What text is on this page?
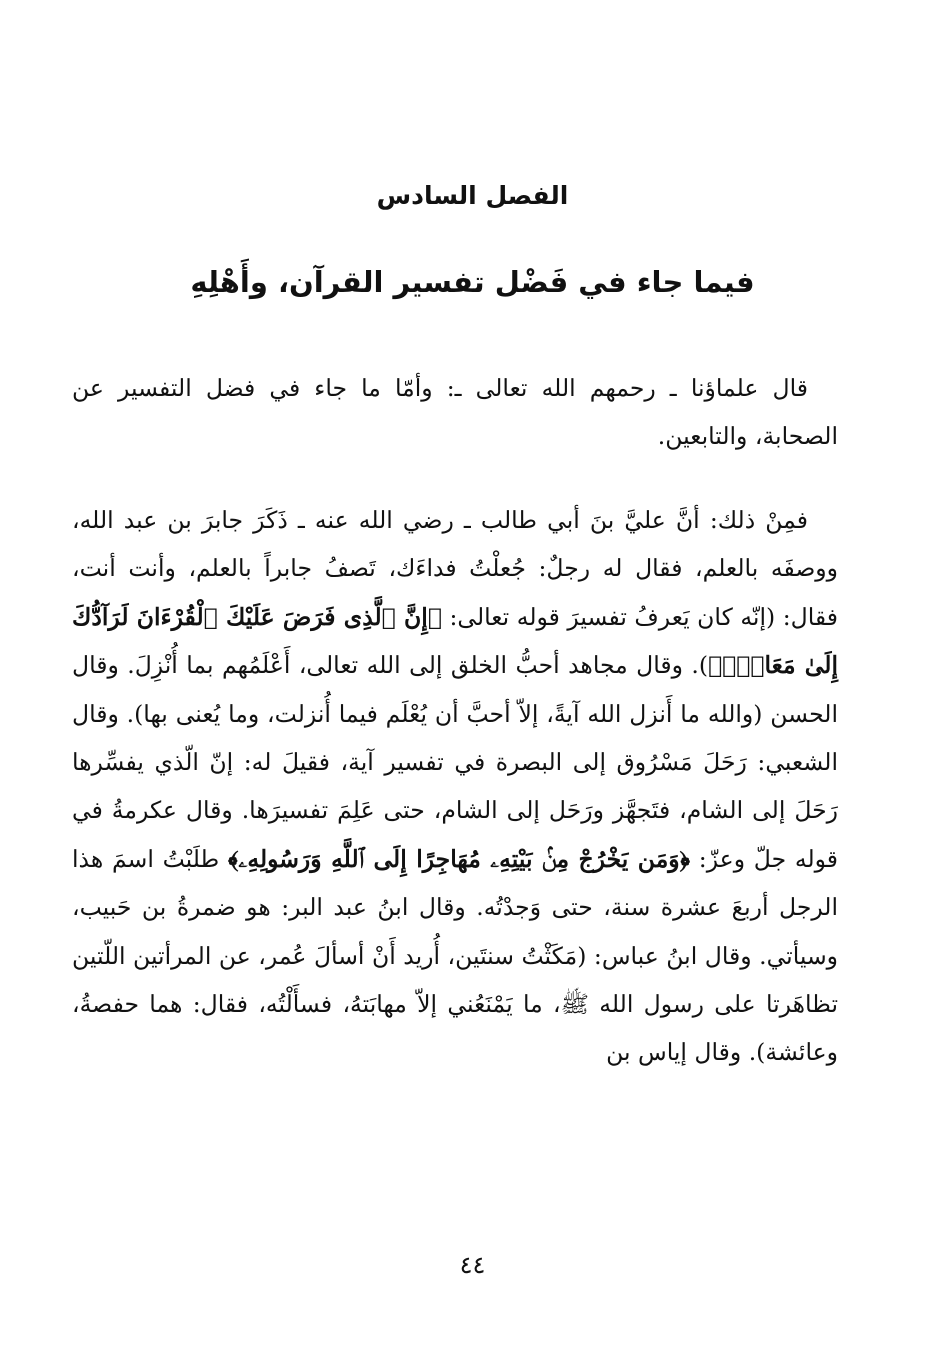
الفصل السادس
فيما جاء في فَضْل تفسير القرآن، وأَهْلِهِ
قال علماؤنا ـ رحمهم الله تعالى ـ: وأمّا ما جاء في فضل التفسير عن الصحابة، والتابعين.
فمِنْ ذلك: أنَّ عليَّ بنَ أبي طالب ـ رضي الله عنه ـ ذَكَرَ جابرَ بن عبد الله، ووصفَه بالعلم، فقال له رجلٌ: جُعلْتُ فداءَك، تَصفُ جابراً بالعلم، وأنت أنت، فقال: (إنّه كان يَعرفُ تفسيرَ قوله تعالى: ﴿إِنَّ ٱلَّذِى فَرَضَ عَلَيْكَ ٱلْقُرْءَانَ لَرَآدُّكَ إِلَىٰ مَعَادٍۚ﴾). وقال مجاهد أحبُّ الخلق إلى الله تعالى، أَعْلَمُهم بما أُنْزِلَ. وقال الحسن (والله ما أَنزل الله آيةً، إلاّ أحبَّ أن يُعْلَم فيما أُنزلت، وما يُعنى بها). وقال الشعبي: رَحَلَ مَسْرُوق إلى البصرة في تفسير آية، فقيلَ له: إنّ الّذي يفسِّرها رَحَلَ إلى الشام، فتَجهَّز ورَحَل إلى الشام، حتى عَلِمَ تفسيرَها. وقال عكرمةُ في قوله جلّ وعزّ: ﴿وَمَن يَخْرُجْ مِنۢ بَيْتِهِۦ مُهَاجِرًا إِلَى ٱللَّهِ وَرَسُولِهِۦ﴾ طلَبْتُ اسمَ هذا الرجل أربعَ عشرة سنة، حتى وَجدْتُه. وقال ابنُ عبد البر: هو ضمرةُ بن حَبيب، وسيأتي. وقال ابنُ عباس: (مَكَثْتُ سنتَين، أُريد أَنْ أسألَ عُمر، عن المرأتين اللّتين تظاهَرتا على رسول الله ﷺ، ما يَمْنَعُني إلاّ مهابَتهُ، فسأَلْتُه، فقال: هما حفصةُ، وعائشة). وقال إياس بن
٤٤
